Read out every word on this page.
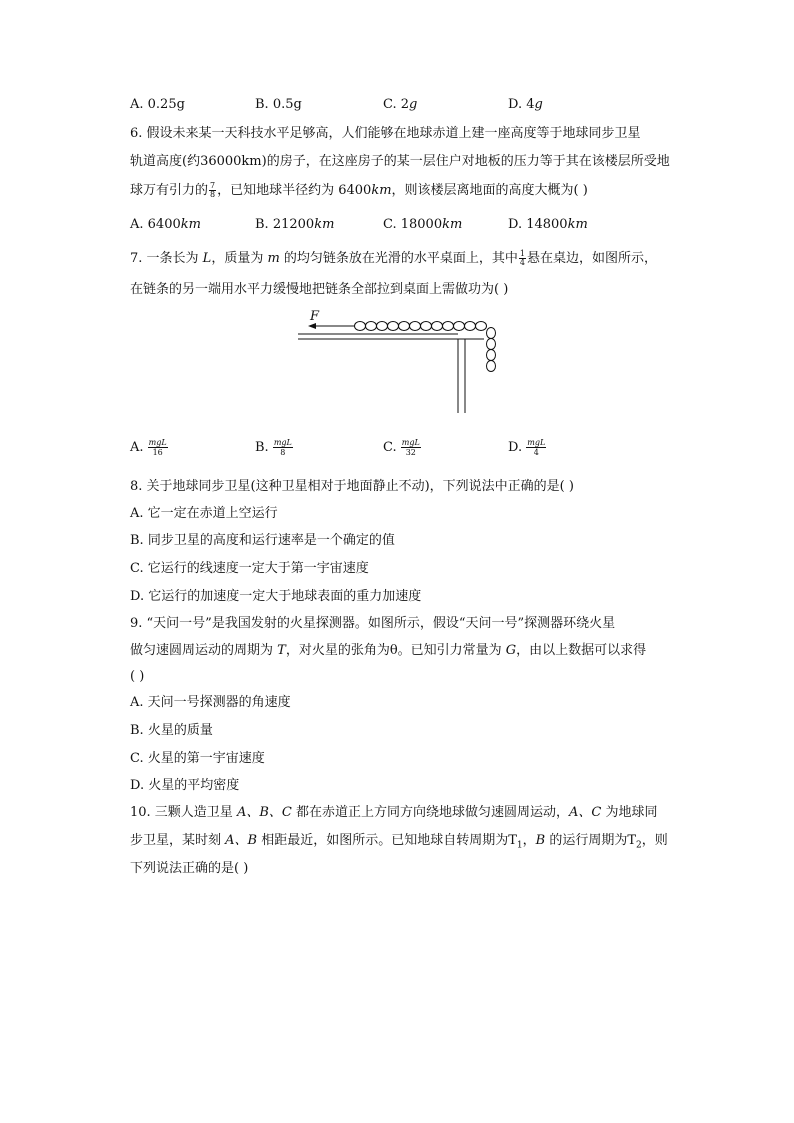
A. 0.25g	B. 0.5g	C. 2g	D. 4g
6. 假设未来某一天科技水平足够高，人们能够在地球赤道上建一座高度等于地球同步卫星
轨道高度(约36000km)的房子，在这座房子的某一层住户对地板的压力等于其在该楼层所受地
球万有引力的 $\frac{7}{8}$ ，已知地球半径约为 6400km，则该楼层离地面的高度大概为( )
A. 6400km	B. 21200km	C. 18000km	D. 14800km
7. 一条长为 L，质量为 m 的均匀链条放在光滑的水平桌面上，其中 $\frac{1}{4}$ 悬在桌边，如图所示，
在链条的另一端用水平力缓慢地把链条全部拉到桌面上需做功为( )
F
A. mgL
16	B. mgL
8	C. mgL
32	D. mgL
4
8. 关于地球同步卫星(这种卫星相对于地面静止不动)，下列说法中正确的是( )
A. 它一定在赤道上空运行
B. 同步卫星的高度和运行速率是一个确定的值
C. 它运行的线速度一定大于第一宇宙速度
D. 它运行的加速度一定大于地球表面的重力加速度
9. “天问一号”是我国发射的火星探测器。如图所示，假设“天问一号”探测器环绕火星
做匀速圆周运动的周期为 T，对火星的张角为θ。已知引力常量为 G，由以上数据可以求得
( )
A. 天问一号探测器的角速度
B. 火星的质量
C. 火星的第一宇宙速度
D. 火星的平均密度
10. 三颗人造卫星 A、B、C 都在赤道正上方同方向绕地球做匀速圆周运动，A、C 为地球同
步卫星，某时刻 A、B 相距最近，如图所示。已知地球自转周期为$T_1$，B 的运行周期为$T_2$，则
下列说法正确的是( )
